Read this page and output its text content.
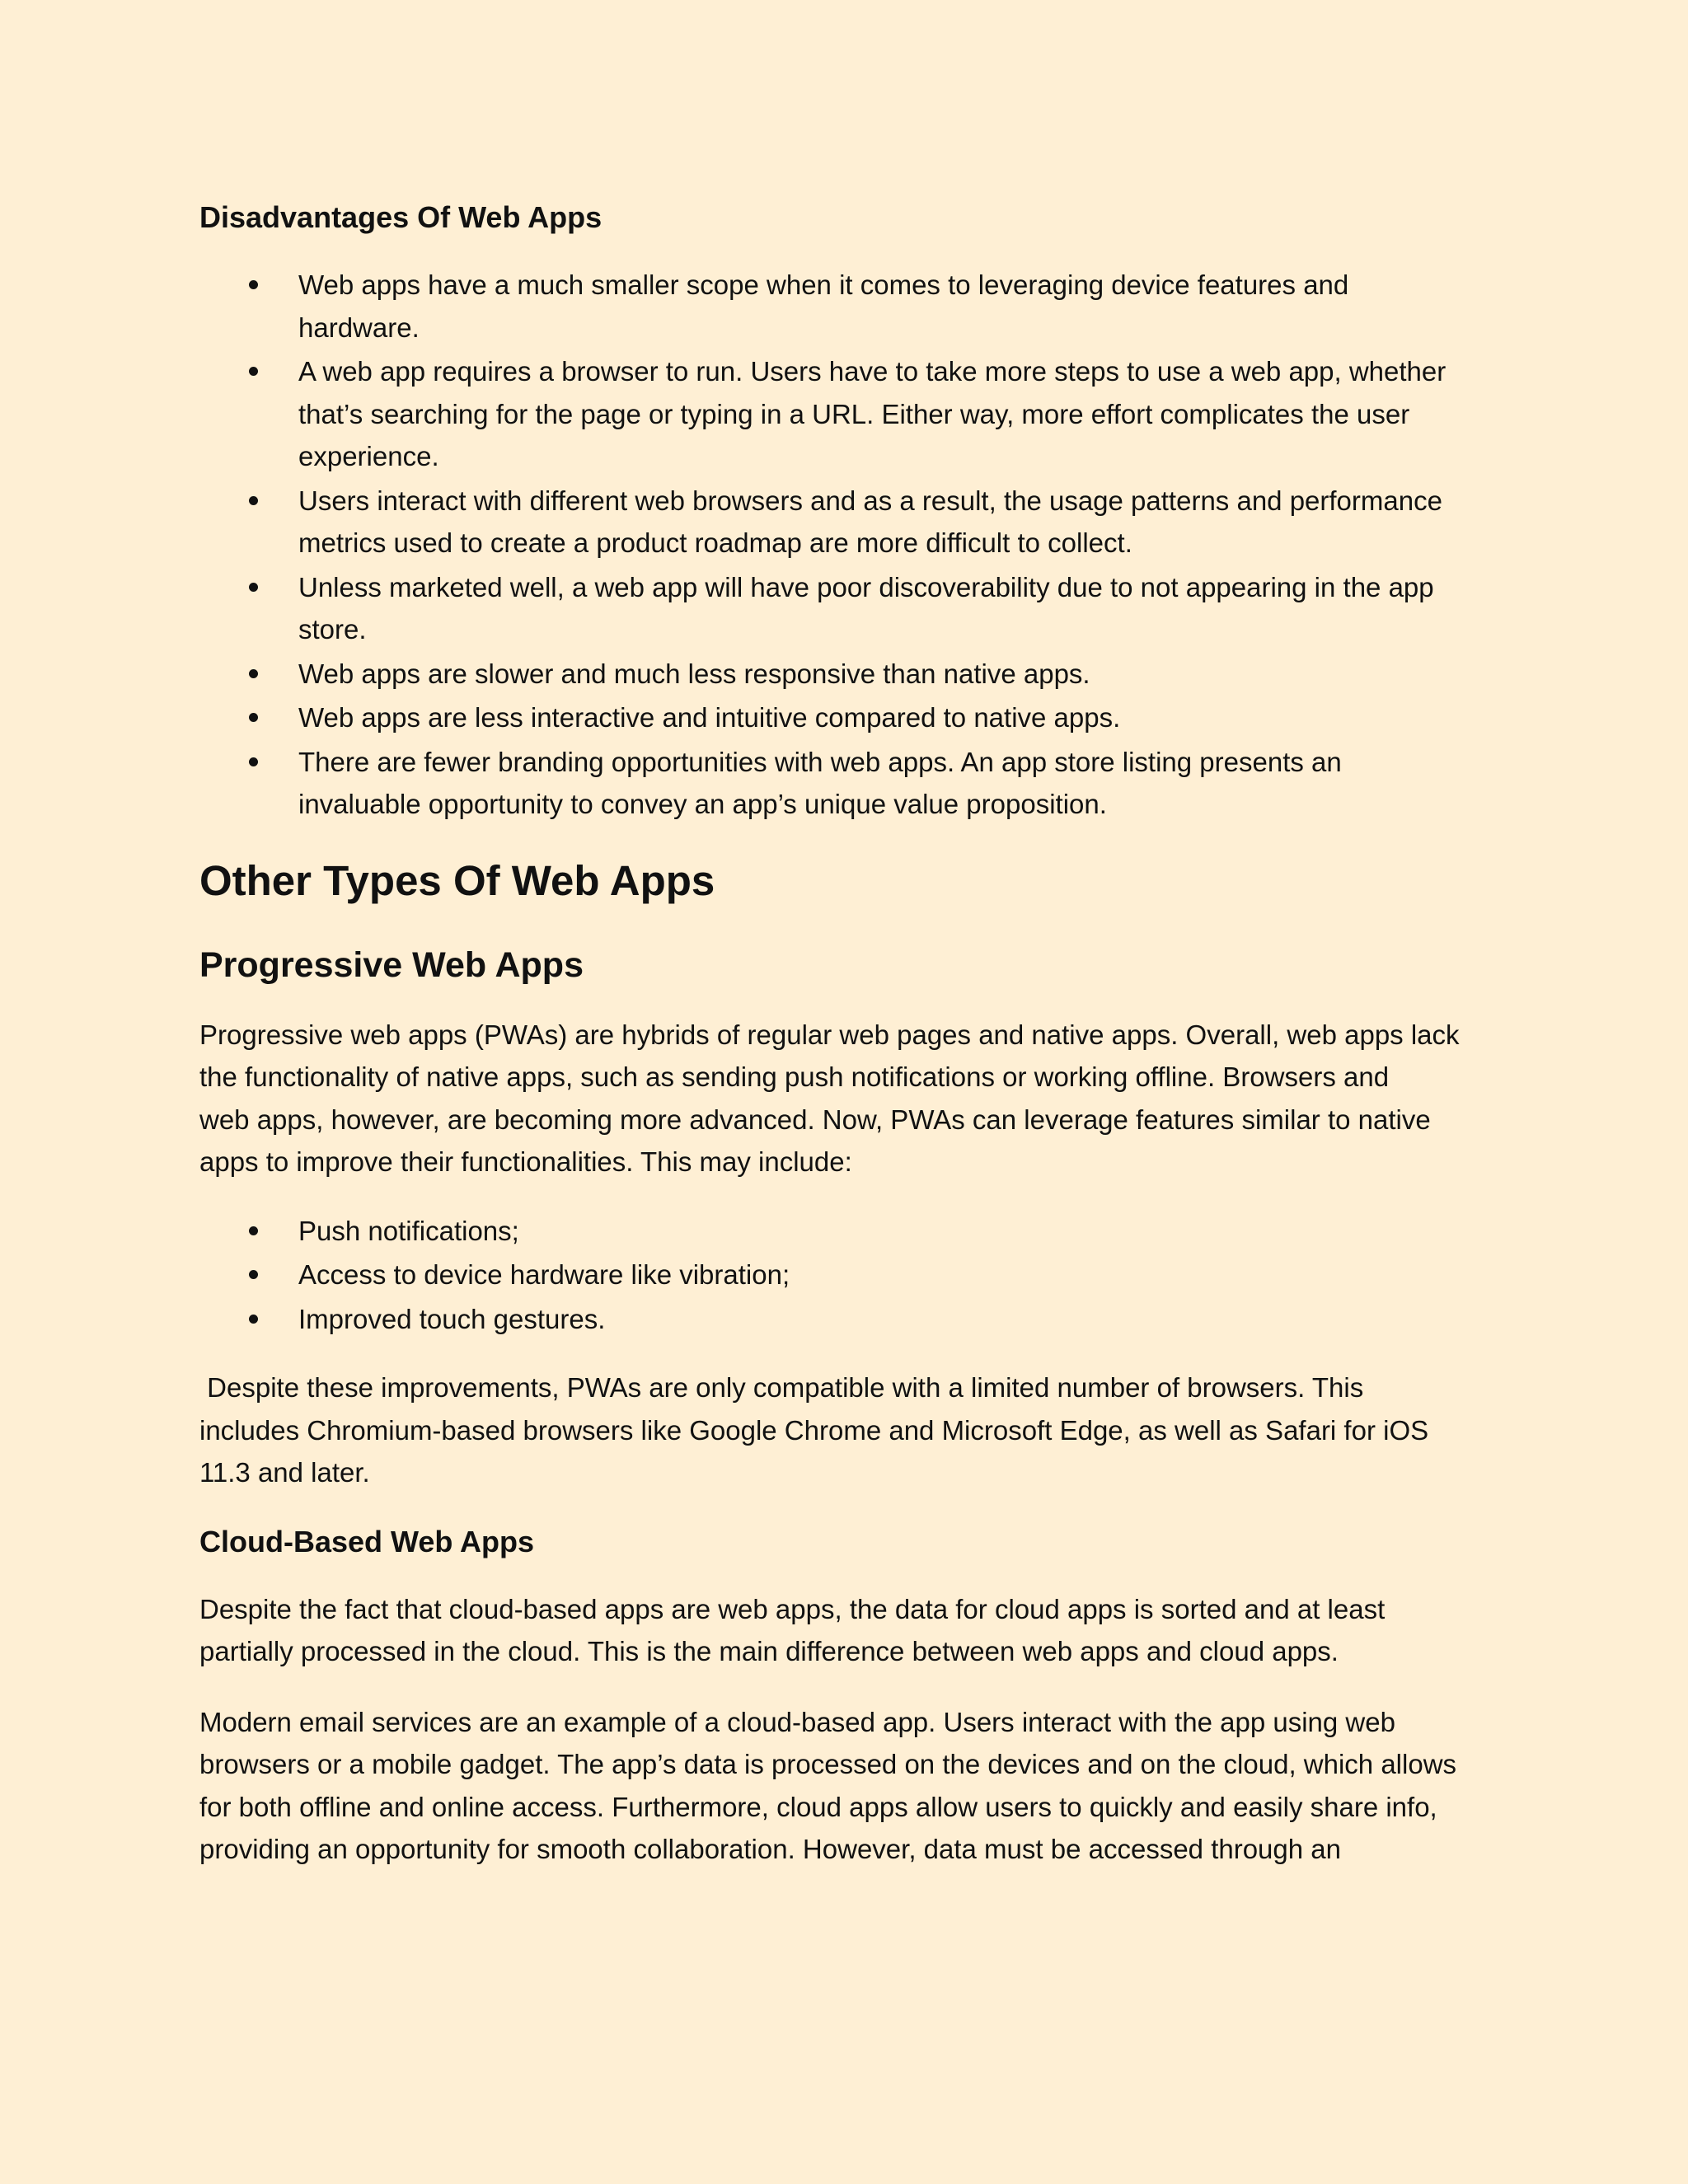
Disadvantages Of Web Apps
Web apps have a much smaller scope when it comes to leveraging device features and
hardware.
A web app requires a browser to run. Users have to take more steps to use a web app, whether
that’s searching for the page or typing in a URL. Either way, more effort complicates the user
experience.
Users interact with different web browsers and as a result, the usage patterns and performance
metrics used to create a product roadmap are more difficult to collect.
Unless marketed well, a web app will have poor discoverability due to not appearing in the app
store.
Web apps are slower and much less responsive than native apps.
Web apps are less interactive and intuitive compared to native apps.
There are fewer branding opportunities with web apps. An app store listing presents an
invaluable opportunity to convey an app’s unique value proposition.
Other Types Of Web Apps
Progressive Web Apps

Progressive web apps (PWAs) are hybrids of regular web pages and native apps. Overall, web apps lack
the functionality of native apps, such as sending push notifications or working offline. Browsers and
web apps, however, are becoming more advanced. Now, PWAs can leverage features similar to native
apps to improve their functionalities. This may include:

Push notifications;
Access to device hardware like vibration;
Improved touch gestures.

Despite these improvements, PWAs are only compatible with a limited number of browsers. This
includes Chromium-based browsers like Google Chrome and Microsoft Edge, as well as Safari for iOS
11.3 and later.

Cloud-Based Web Apps

Despite the fact that cloud-based apps are web apps, the data for cloud apps is sorted and at least
partially processed in the cloud. This is the main difference between web apps and cloud apps.

Modern email services are an example of a cloud-based app. Users interact with the app using web
browsers or a mobile gadget. The app’s data is processed on the devices and on the cloud, which allows
for both offline and online access. Furthermore, cloud apps allow users to quickly and easily share info,
providing an opportunity for smooth collaboration. However, data must be accessed through an
